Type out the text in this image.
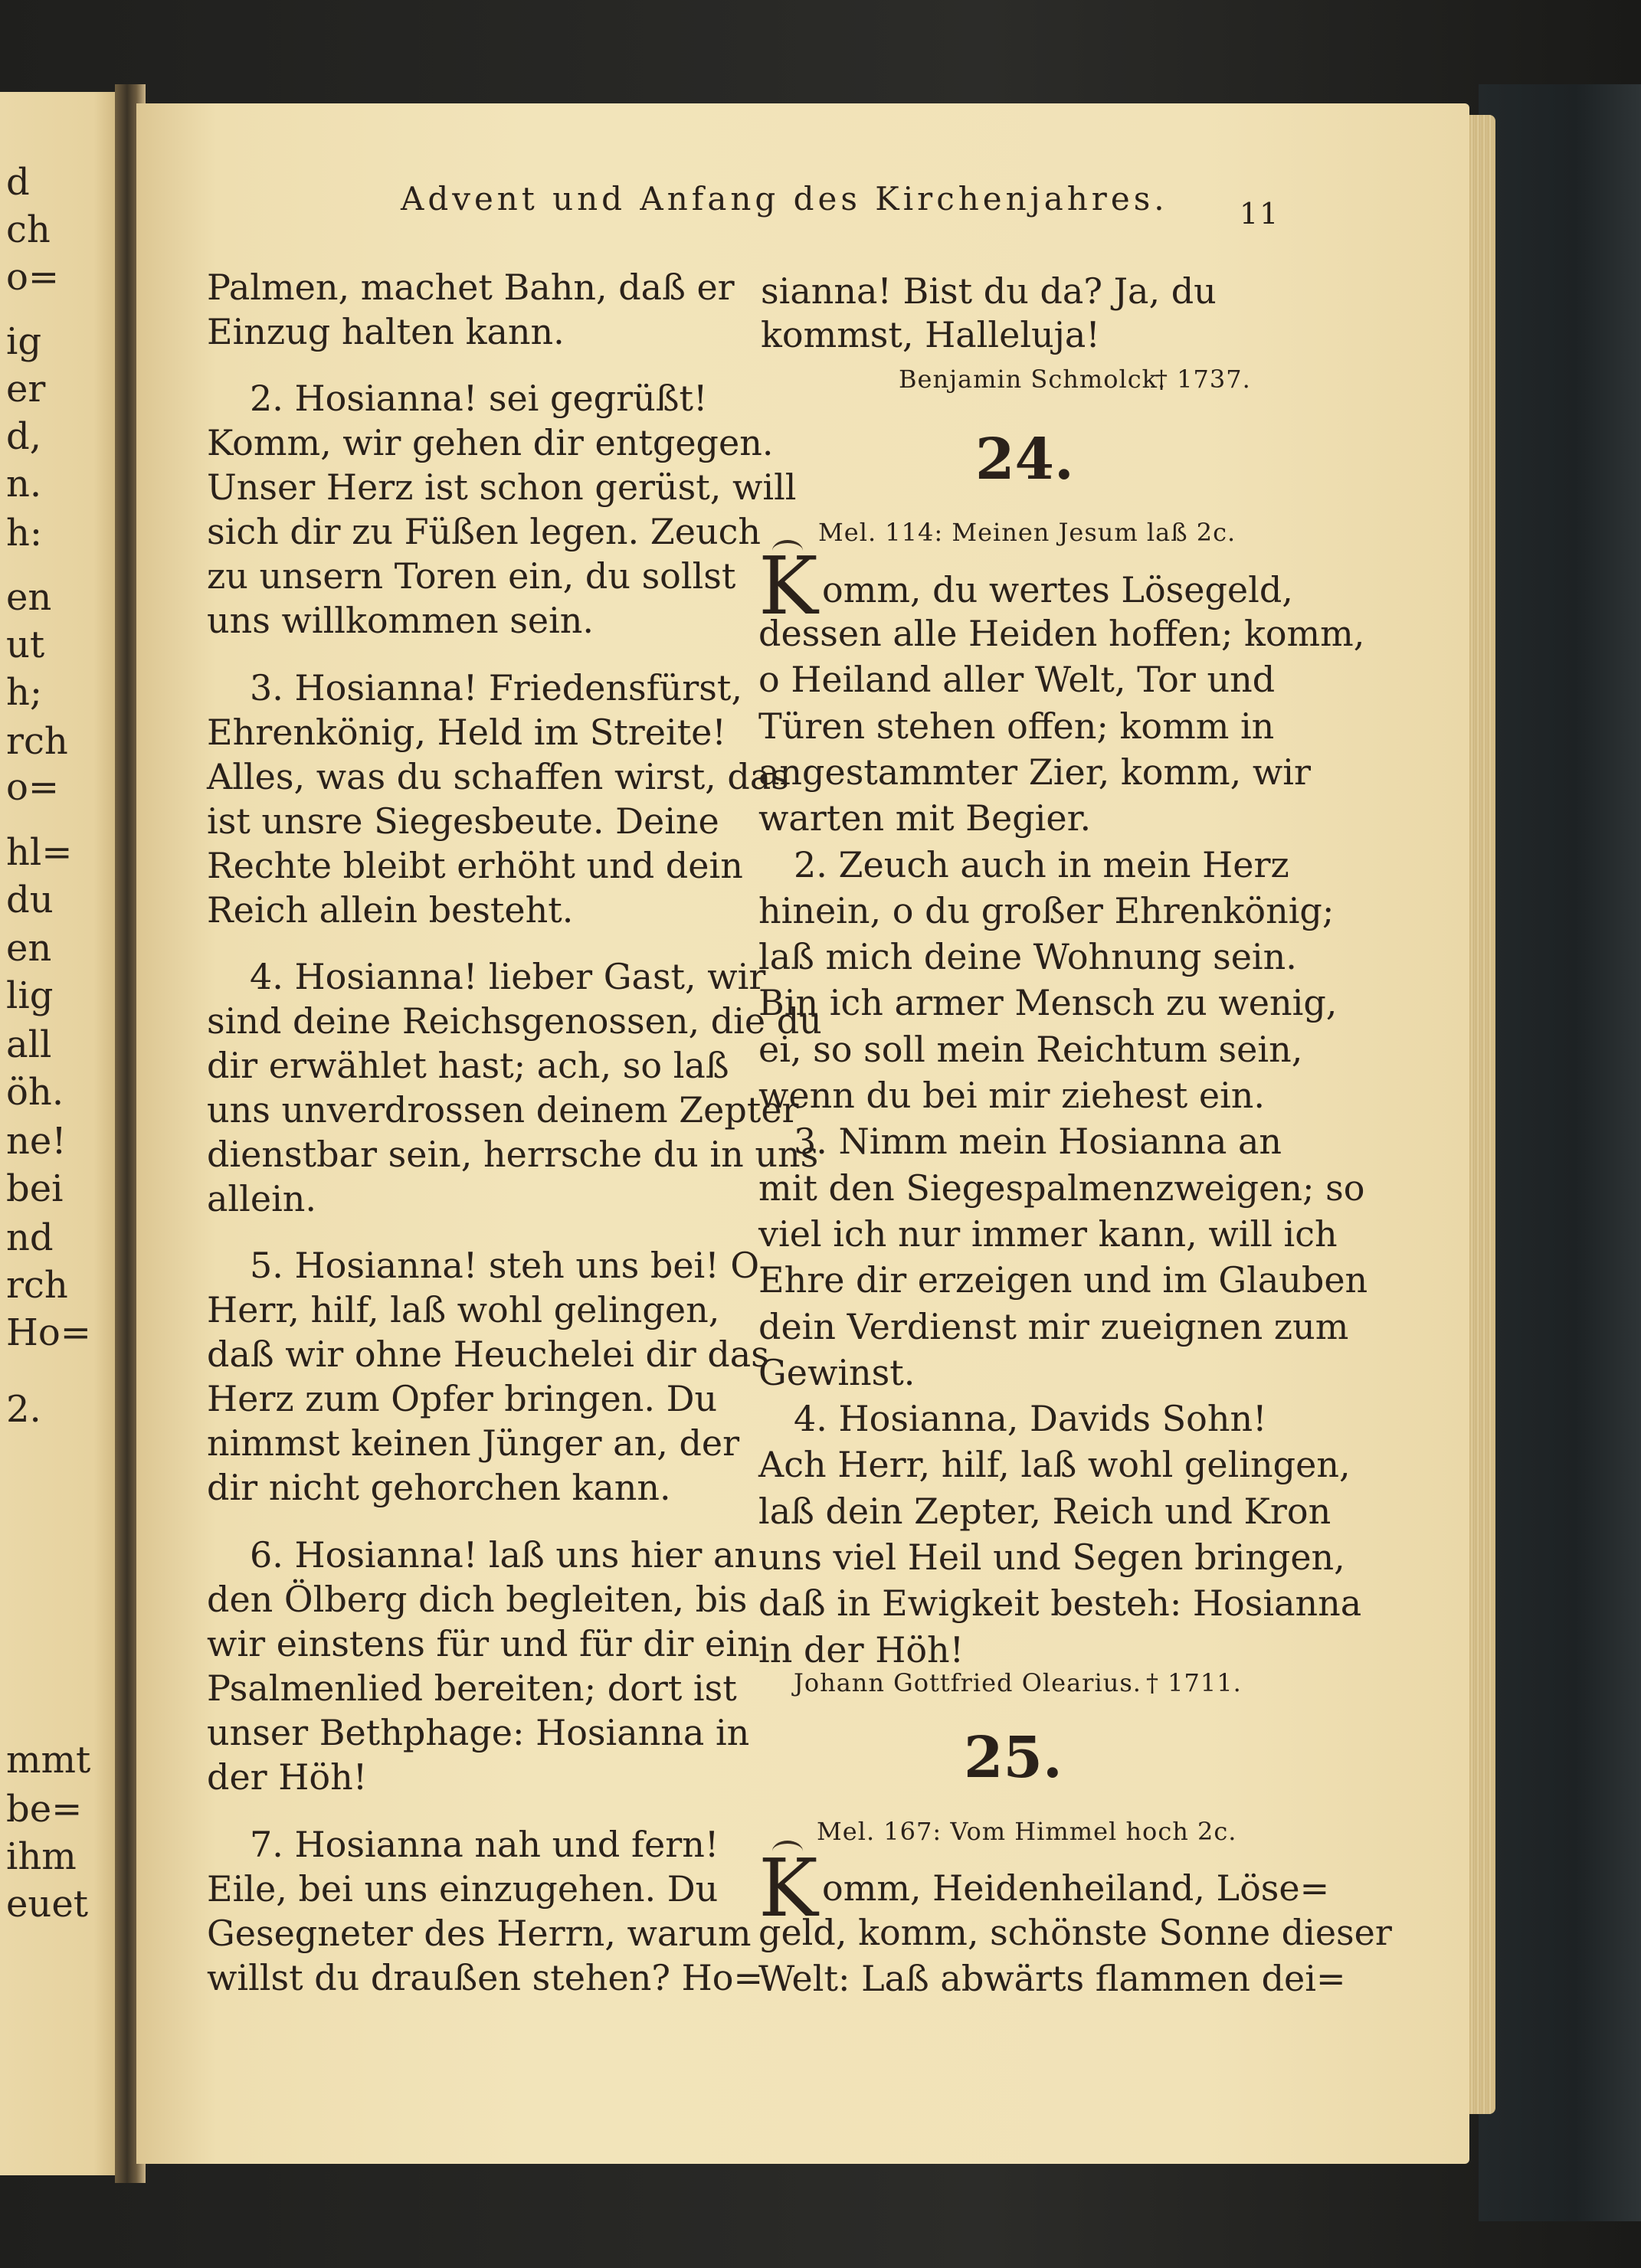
d
ch
o=
ig
er
d,
n.
h:
en
ut
h;
rch
o=
hl=
du
en
lig
all
öh.
ne!
bei
nd
rch
Ho=
2.
mmt
be=
ihm
euet
Advent und Anfang des Kirchenjahres. 11
Palmen, machet Bahn, daß er
Einzug halten kann.
2. Hosianna! sei gegrüßt!
Komm, wir gehen dir entgegen.
Unser Herz ist schon gerüst, will
sich dir zu Füßen legen. Zeuch
zu unsern Toren ein, du sollst
uns willkommen sein.
3. Hosianna! Friedensfürst,
Ehrenkönig, Held im Streite!
Alles, was du schaffen wirst, das
ist unsre Siegesbeute. Deine
Rechte bleibt erhöht und dein
Reich allein besteht.
4. Hosianna! lieber Gast, wir
sind deine Reichsgenossen, die du
dir erwählet hast; ach, so laß
uns unverdrossen deinem Zepter
dienstbar sein, herrsche du in uns
allein.
5. Hosianna! steh uns bei! O
Herr, hilf, laß wohl gelingen,
daß wir ohne Heuchelei dir das
Herz zum Opfer bringen. Du
nimmst keinen Jünger an, der
dir nicht gehorchen kann.
6. Hosianna! laß uns hier an
den Ölberg dich begleiten, bis
wir einstens für und für dir ein
Psalmenlied bereiten; dort ist
unser Bethphage: Hosianna in
der Höh!
7. Hosianna nah und fern!
Eile, bei uns einzugehen. Du
Gesegneter des Herrn, warum
willst du draußen stehen? Ho=
sianna! Bist du da? Ja, du
kommst, Halleluja!
Benjamin Schmolck.
† 1737.
24.
Mel. 114: Meinen Jesum laß 2c.
K omm, du wertes Lösegeld,
dessen alle Heiden hoffen; komm,
o Heiland aller Welt, Tor und
Türen stehen offen; komm in
angestammter Zier, komm, wir
warten mit Begier.
2. Zeuch auch in mein Herz
hinein, o du großer Ehrenkönig;
laß mich deine Wohnung sein.
Bin ich armer Mensch zu wenig,
ei, so soll mein Reichtum sein,
wenn du bei mir ziehest ein.
3. Nimm mein Hosianna an
mit den Siegespalmenzweigen; so
viel ich nur immer kann, will ich
Ehre dir erzeigen und im Glauben
dein Verdienst mir zueignen zum
Gewinst.
4. Hosianna, Davids Sohn!
Ach Herr, hilf, laß wohl gelingen,
laß dein Zepter, Reich und Kron
uns viel Heil und Segen bringen,
daß in Ewigkeit besteh: Hosianna
in der Höh!
Johann Gottfried Olearius. † 1711.
25.
Mel. 167: Vom Himmel hoch 2c.
K omm, Heidenheiland, Löse=
geld, komm, schönste Sonne dieser
Welt: Laß abwärts flammen dei=
